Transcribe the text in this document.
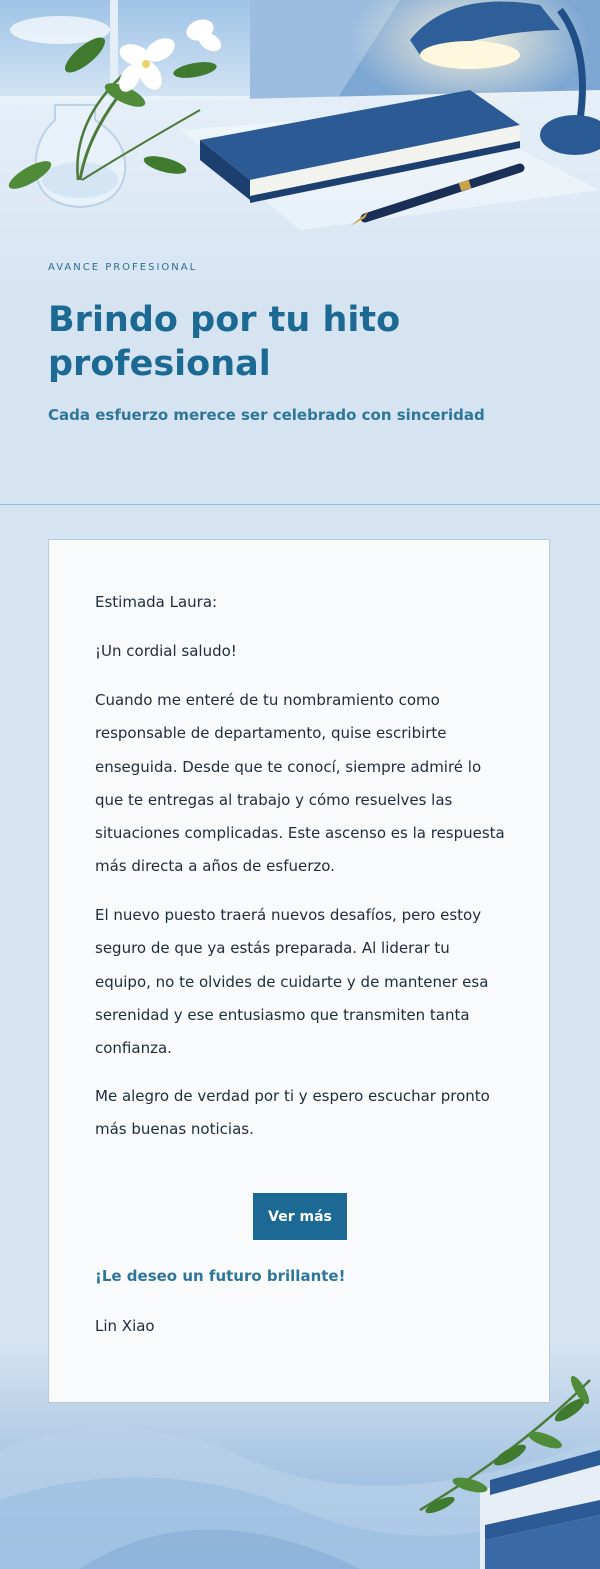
AVANCE PROFESIONAL
Brindo por tu hito profesional

Cada esfuerzo merece ser celebrado con sinceridad

Estimada Laura:

¡Un cordial saludo!

Cuando me enteré de tu nombramiento como responsable de departamento, quise escribirte enseguida. Desde que te conocí, siempre admiré lo que te entregas al trabajo y cómo resuelves las situaciones complicadas. Este ascenso es la respuesta más directa a años de esfuerzo.

El nuevo puesto traerá nuevos desafíos, pero estoy seguro de que ya estás preparada. Al liderar tu equipo, no te olvides de cuidarte y de mantener esa serenidad y ese entusiasmo que transmiten tanta confianza.

Me alegro de verdad por ti y espero escuchar pronto más buenas noticias.

Ver más

¡Le deseo un futuro brillante!

Lin Xiao
